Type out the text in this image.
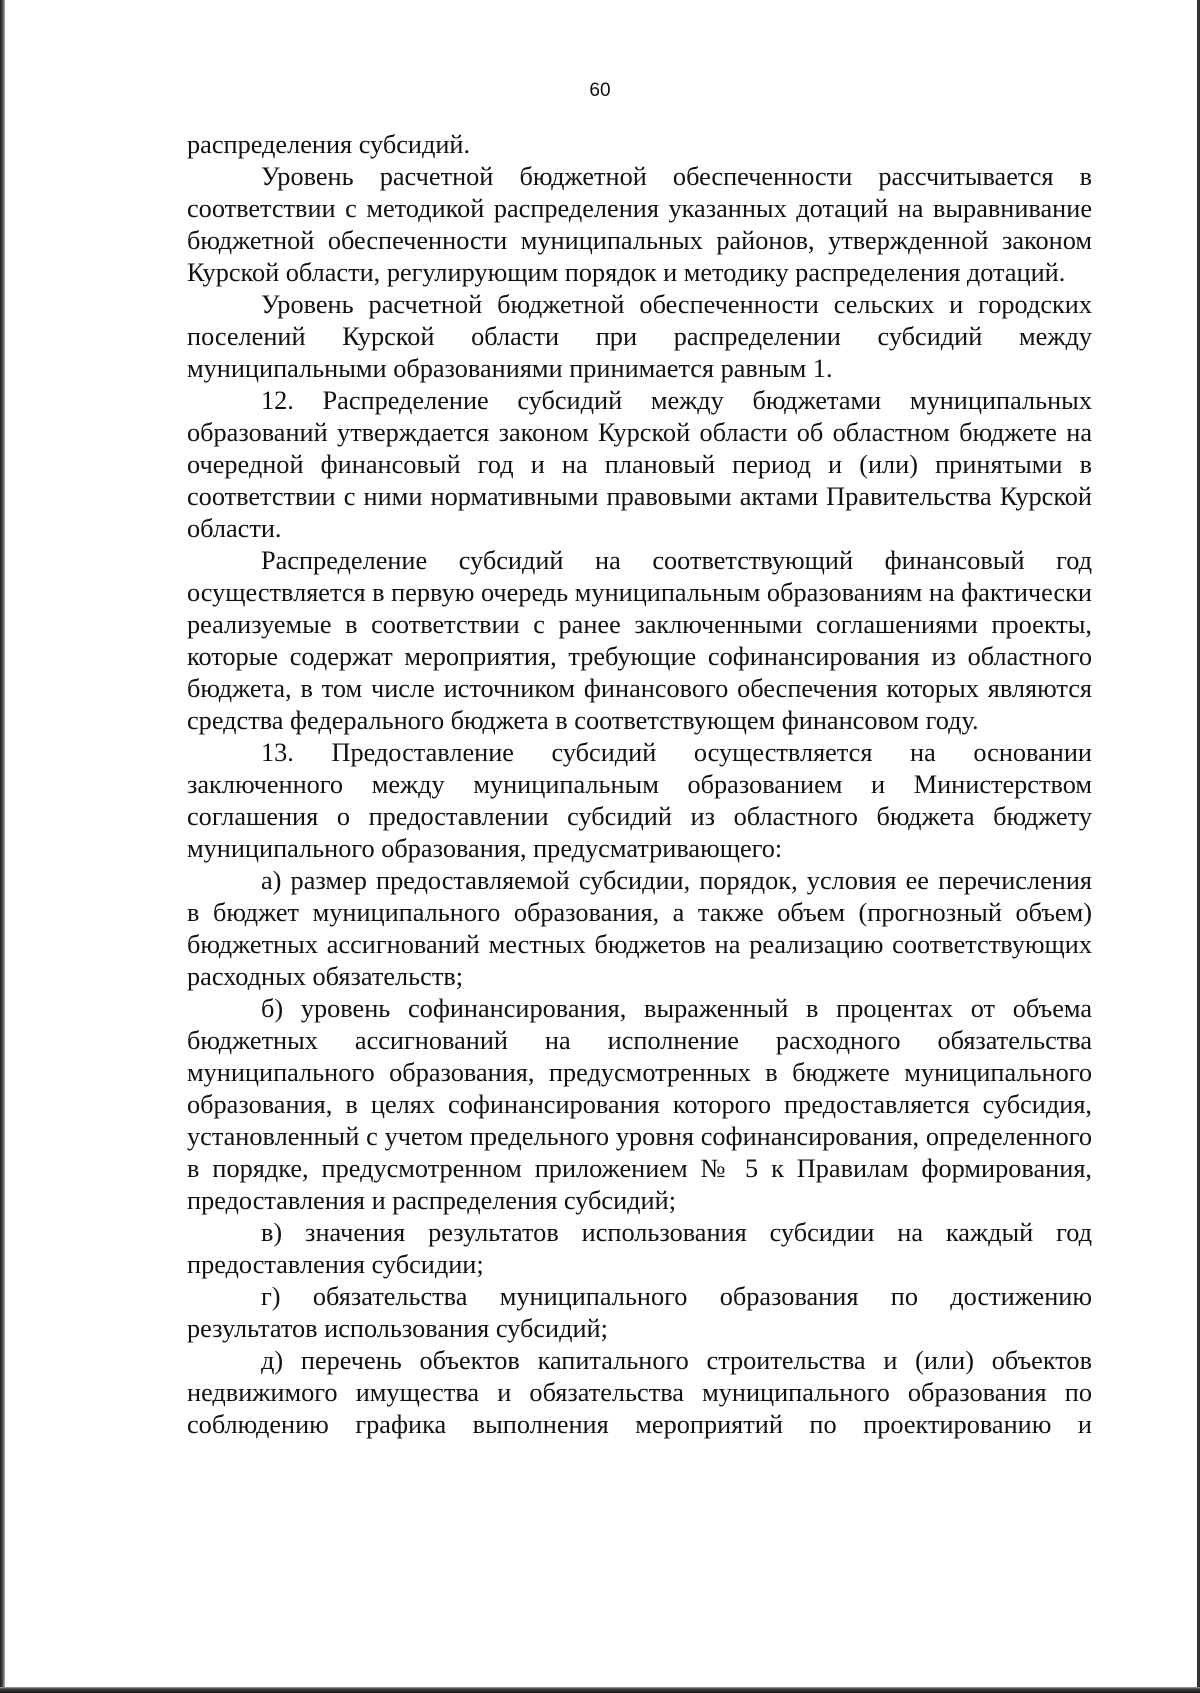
60

распределения субсидий.

Уровень расчетной бюджетной обеспеченности рассчитывается в соответствии с методикой распределения указанных дотаций на выравнивание бюджетной обеспеченности муниципальных районов, утвержденной законом Курской области, регулирующим порядок и методику распределения дотаций.

Уровень расчетной бюджетной обеспеченности сельских и городских поселений Курской области при распределении субсидий между муниципальными образованиями принимается равным 1.

12. Распределение субсидий между бюджетами муниципальных образований утверждается законом Курской области об областном бюджете на очередной финансовый год и на плановый период и (или) принятыми в соответствии с ними нормативными правовыми актами Правительства Курской области.

Распределение субсидий на соответствующий финансовый год осуществляется в первую очередь муниципальным образованиям на фактически реализуемые в соответствии с ранее заключенными соглашениями проекты, которые содержат мероприятия, требующие софинансирования из областного бюджета, в том числе источником финансового обеспечения которых являются средства федерального бюджета в соответствующем финансовом году.

13. Предоставление субсидий осуществляется на основании заключенного между муниципальным образованием и Министерством соглашения о предоставлении субсидий из областного бюджета бюджету муниципального образования, предусматривающего:

а) размер предоставляемой субсидии, порядок, условия ее перечисления в бюджет муниципального образования, а также объем (прогнозный объем) бюджетных ассигнований местных бюджетов на реализацию соответствующих расходных обязательств;

б) уровень софинансирования, выраженный в процентах от объема бюджетных ассигнований на исполнение расходного обязательства муниципального образования, предусмотренных в бюджете муниципального образования, в целях софинансирования которого предоставляется субсидия, установленный с учетом предельного уровня софинансирования, определенного в порядке, предусмотренном приложением № 5 к Правилам формирования, предоставления и распределения субсидий;

в) значения результатов использования субсидии на каждый год предоставления субсидии;

г) обязательства муниципального образования по достижению результатов использования субсидий;

д) перечень объектов капитального строительства и (или) объектов недвижимого имущества и обязательства муниципального образования по соблюдению графика выполнения мероприятий по проектированию и
